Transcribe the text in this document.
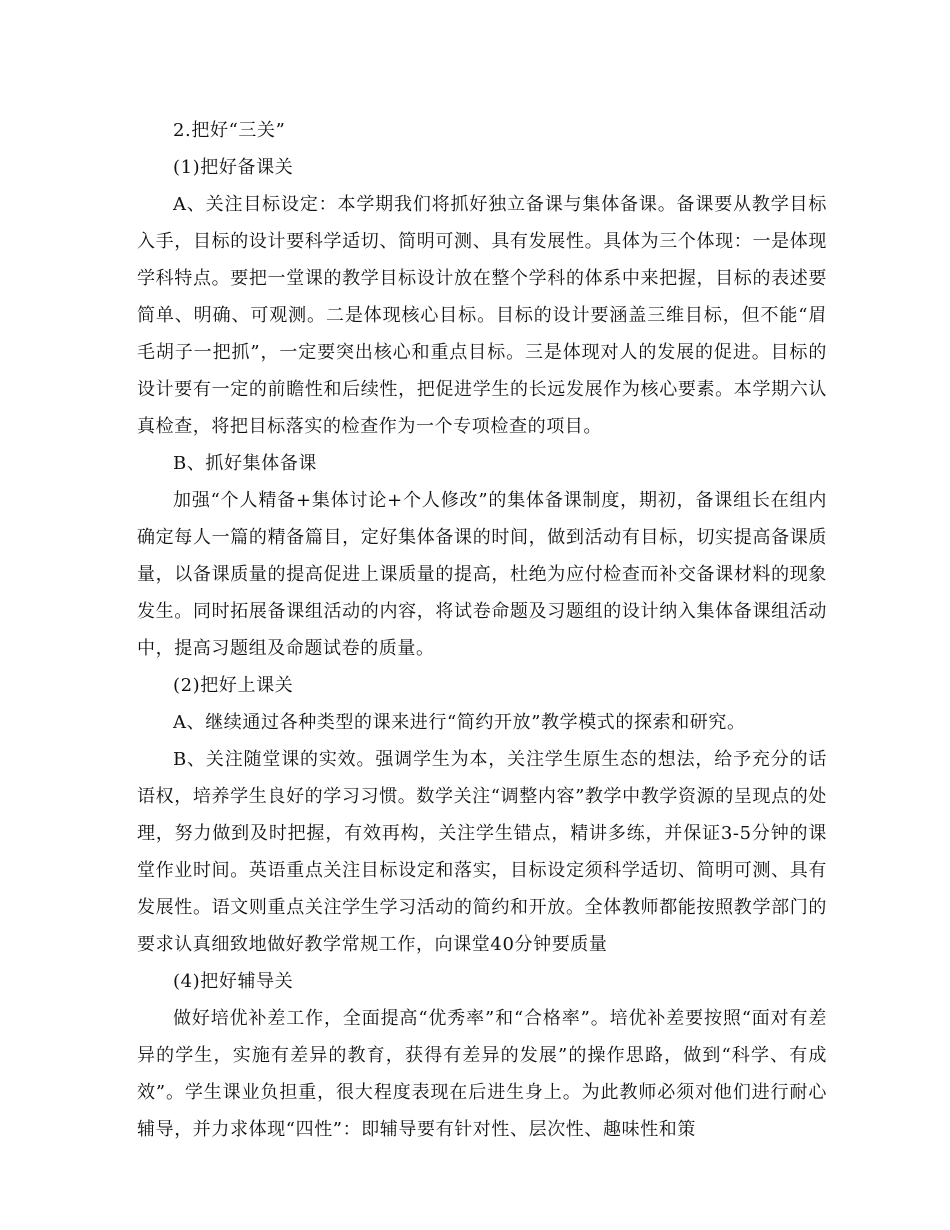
2.把好“三关”

(1)把好备课关

A、关注目标设定：本学期我们将抓好独立备课与集体备课。备课要从教学目标入手，目标的设计要科学适切、简明可测、具有发展性。具体为三个体现：一是体现学科特点。要把一堂课的教学目标设计放在整个学科的体系中来把握，目标的表述要简单、明确、可观测。二是体现核心目标。目标的设计要涵盖三维目标，但不能“眉毛胡子一把抓”，一定要突出核心和重点目标。三是体现对人的发展的促进。目标的设计要有一定的前瞻性和后续性，把促进学生的长远发展作为核心要素。本学期六认真检查，将把目标落实的检查作为一个专项检查的项目。

B、抓好集体备课

加强“个人精备+集体讨论+个人修改”的集体备课制度，期初，备课组长在组内确定每人一篇的精备篇目，定好集体备课的时间，做到活动有目标，切实提高备课质量，以备课质量的提高促进上课质量的提高，杜绝为应付检查而补交备课材料的现象发生。同时拓展备课组活动的内容，将试卷命题及习题组的设计纳入集体备课组活动中，提高习题组及命题试卷的质量。

(2)把好上课关

A、继续通过各种类型的课来进行“简约开放”教学模式的探索和研究。

B、关注随堂课的实效。强调学生为本，关注学生原生态的想法，给予充分的话语权，培养学生良好的学习习惯。数学关注“调整内容”教学中教学资源的呈现点的处理，努力做到及时把握，有效再构，关注学生错点，精讲多练，并保证3-5分钟的课堂作业时间。英语重点关注目标设定和落实，目标设定须科学适切、简明可测、具有发展性。语文则重点关注学生学习活动的简约和开放。全体教师都能按照教学部门的要求认真细致地做好教学常规工作，向课堂40分钟要质量

(4)把好辅导关

做好培优补差工作，全面提高“优秀率”和“合格率”。培优补差要按照“面对有差异的学生，实施有差异的教育，获得有差异的发展”的操作思路，做到“科学、有成效”。学生课业负担重，很大程度表现在后进生身上。为此教师必须对他们进行耐心辅导，并力求体现“四性”：即辅导要有针对性、层次性、趣味性和策
